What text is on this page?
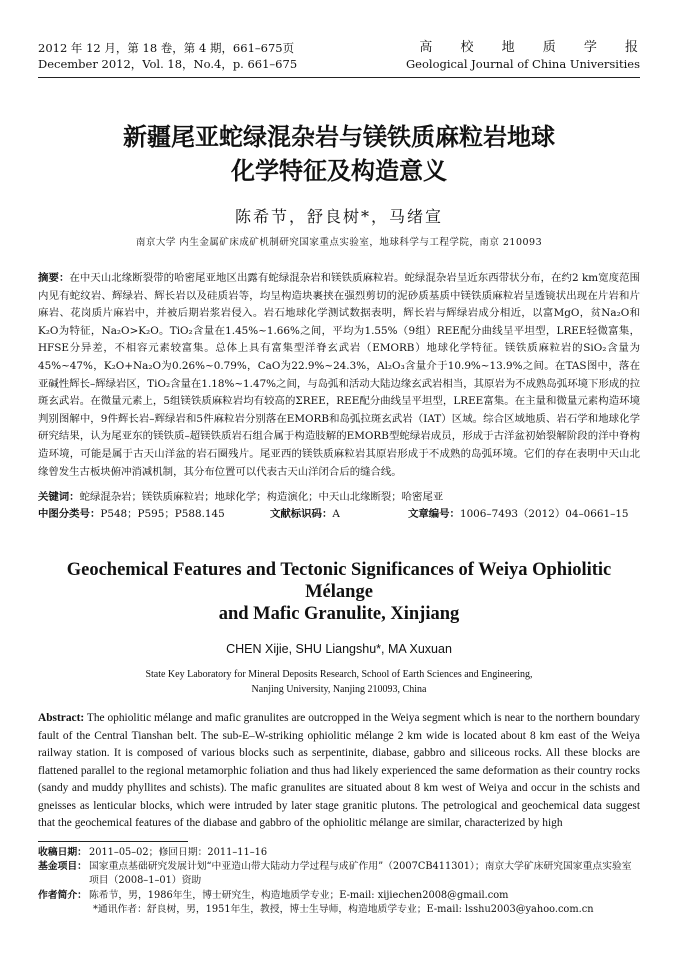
2012 年 12 月，第 18 卷，第 4 期，661–675页
December 2012，Vol. 18，No.4，p. 661–675
高 校 地 质 学 报
Geological Journal of China Universities
新疆尾亚蛇绿混杂岩与镁铁质麻粒岩地球
化学特征及构造意义
陈希节，舒良树*，马绪宣
南京大学 内生金属矿床成矿机制研究国家重点实验室，地球科学与工程学院，南京 210093
摘要：在中天山北缘断裂带的哈密尾亚地区出露有蛇绿混杂岩和镁铁质麻粒岩。蛇绿混杂岩呈近东西带状分布，在约2 km宽度范围内见有蛇纹岩、辉绿岩、辉长岩以及硅质岩等，均呈构造块裹挟在强烈剪切的泥砂质基质中镁铁质麻粒岩呈透镜状出现在片岩和片麻岩、花岗质片麻岩中，并被后期岩浆岩侵入。岩石地球化学测试数据表明，辉长岩与辉绿岩成分相近，以富MgO，贫Na₂O和K₂O为特征，Na₂O>K₂O。TiO₂含量在1.45%~1.66%之间，平均为1.55%（9组）REE配分曲线呈平坦型，LREE轻微富集，HFSE分异差，不相容元素较富集。总体上具有富集型洋脊玄武岩（EMORB）地球化学特征。镁铁质麻粒岩的SiO₂含量为45%~47%，K₂O+Na₂O为0.26%~0.79%，CaO为22.9%~24.3%，Al₂O₃含量介于10.9%~13.9%之间。在TAS图中，落在亚碱性辉长–辉绿岩区，TiO₂含量在1.18%~1.47%之间，与岛弧和活动大陆边缘玄武岩相当，其原岩为不成熟岛弧环境下形成的拉斑玄武岩。在微量元素上，5组镁铁质麻粒岩均有较高的ΣREE，REE配分曲线呈平坦型，LREE富集。在主量和微量元素构造环境判别图解中，9件辉长岩–辉绿岩和5件麻粒岩分别落在EMORB和岛弧拉斑玄武岩（IAT）区域。综合区域地质、岩石学和地球化学研究结果，认为尾亚东的镁铁质–超镁铁质岩石组合属于构造肢解的EMORB型蛇绿岩成员，形成于古洋盆初始裂解阶段的洋中脊构造环境，可能是属于古天山洋盆的岩石圈残片。尾亚西的镁铁质麻粒岩其原岩形成于不成熟的岛弧环境。它们的存在表明中天山北缘曾发生古板块俯冲消减机制，其分布位置可以代表古天山洋闭合后的缝合线。
关键词：蛇绿混杂岩；镁铁质麻粒岩；地球化学；构造演化；中天山北缘断裂；哈密尾亚
中图分类号：P548；P595；P588.145	文献标识码：A	文章编号：1006–7493（2012）04–0661–15
Geochemical Features and Tectonic Significances of Weiya Ophiolitic Mélange
and Mafic Granulite, Xinjiang
CHEN Xijie, SHU Liangshu*, MA Xuxuan
State Key Laboratory for Mineral Deposits Research, School of Earth Sciences and Engineering,
Nanjing University, Nanjing 210093, China
Abstract: The ophiolitic mélange and mafic granulites are outcropped in the Weiya segment which is near to the northern boundary fault of the Central Tianshan belt. The sub-E–W-striking ophiolitic mélange 2 km wide is located about 8 km east of the Weiya railway station. It is composed of various blocks such as serpentinite, diabase, gabbro and siliceous rocks. All these blocks are flattened parallel to the regional metamorphic foliation and thus had likely experienced the same deformation as their country rocks (sandy and muddy phyllites and schists). The mafic granulites are situated about 8 km west of Weiya and occur in the schists and gneisses as lenticular blocks, which were intruded by later stage granitic plutons. The petrological and geochemical data suggest that the geochemical features of the diabase and gabbro of the ophiolitic mélange are similar, characterized by high
收稿日期： 2011–05–02；修回日期：2011–11–16
基金项目： 国家重点基础研究发展计划“中亚造山带大陆动力学过程与成矿作用”（2007CB411301）；南京大学矿床研究国家重点实验室
项目（2008–1–01）资助
作者简介： 陈希节，男，1986年生，博士研究生，构造地质学专业；E-mail: xijiechen2008@gmail.com
*通讯作者：舒良树，男，1951年生，教授，博士生导师，构造地质学专业；E-mail: lsshu2003@yahoo.com.cn
